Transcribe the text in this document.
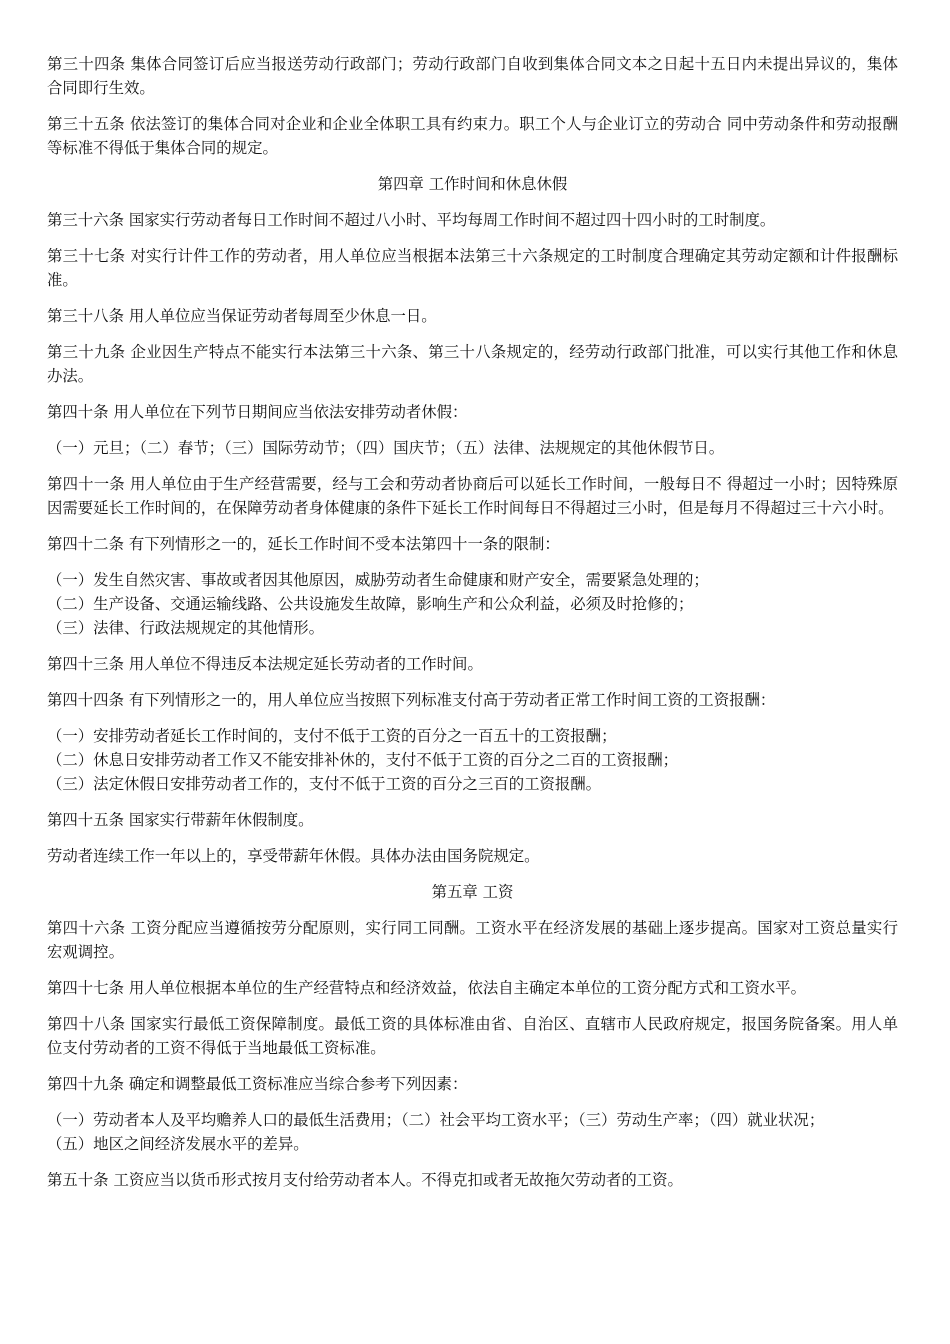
第三十四条 集体合同签订后应当报送劳动行政部门；劳动行政部门自收到集体合同文本之日起十五日内未提出异议的，集体合同即行生效。

第三十五条 依法签订的集体合同对企业和企业全体职工具有约束力。职工个人与企业订立的劳动合 同中劳动条件和劳动报酬等标准不得低于集体合同的规定。

第四章 工作时间和休息休假

第三十六条 国家实行劳动者每日工作时间不超过八小时、平均每周工作时间不超过四十四小时的工时制度。

第三十七条 对实行计件工作的劳动者，用人单位应当根据本法第三十六条规定的工时制度合理确定其劳动定额和计件报酬标准。

第三十八条 用人单位应当保证劳动者每周至少休息一日。

第三十九条 企业因生产特点不能实行本法第三十六条、第三十八条规定的，经劳动行政部门批准，可以实行其他工作和休息办法。

第四十条 用人单位在下列节日期间应当依法安排劳动者休假：

（一）元旦；（二）春节；（三）国际劳动节；（四）国庆节；（五）法律、法规规定的其他休假节日。

第四十一条 用人单位由于生产经营需要，经与工会和劳动者协商后可以延长工作时间，一般每日不 得超过一小时；因特殊原因需要延长工作时间的，在保障劳动者身体健康的条件下延长工作时间每日不得超过三小时，但是每月不得超过三十六小时。

第四十二条 有下列情形之一的，延长工作时间不受本法第四十一条的限制：

（一）发生自然灾害、事故或者因其他原因，威胁劳动者生命健康和财产安全，需要紧急处理的；

（二）生产设备、交通运输线路、公共设施发生故障，影响生产和公众利益，必须及时抢修的；

（三）法律、行政法规规定的其他情形。

第四十三条 用人单位不得违反本法规定延长劳动者的工作时间。

第四十四条 有下列情形之一的，用人单位应当按照下列标准支付高于劳动者正常工作时间工资的工资报酬：

（一）安排劳动者延长工作时间的，支付不低于工资的百分之一百五十的工资报酬；

（二）休息日安排劳动者工作又不能安排补休的，支付不低于工资的百分之二百的工资报酬；

（三）法定休假日安排劳动者工作的，支付不低于工资的百分之三百的工资报酬。

第四十五条 国家实行带薪年休假制度。

劳动者连续工作一年以上的，享受带薪年休假。具体办法由国务院规定。

第五章 工资

第四十六条 工资分配应当遵循按劳分配原则，实行同工同酬。工资水平在经济发展的基础上逐步提高。国家对工资总量实行宏观调控。

第四十七条 用人单位根据本单位的生产经营特点和经济效益，依法自主确定本单位的工资分配方式和工资水平。

第四十八条 国家实行最低工资保障制度。最低工资的具体标准由省、自治区、直辖市人民政府规定，报国务院备案。用人单位支付劳动者的工资不得低于当地最低工资标准。

第四十九条 确定和调整最低工资标准应当综合参考下列因素：

（一）劳动者本人及平均赡养人口的最低生活费用；（二）社会平均工资水平；（三）劳动生产率；（四）就业状况；

（五）地区之间经济发展水平的差异。

第五十条 工资应当以货币形式按月支付给劳动者本人。不得克扣或者无故拖欠劳动者的工资。
